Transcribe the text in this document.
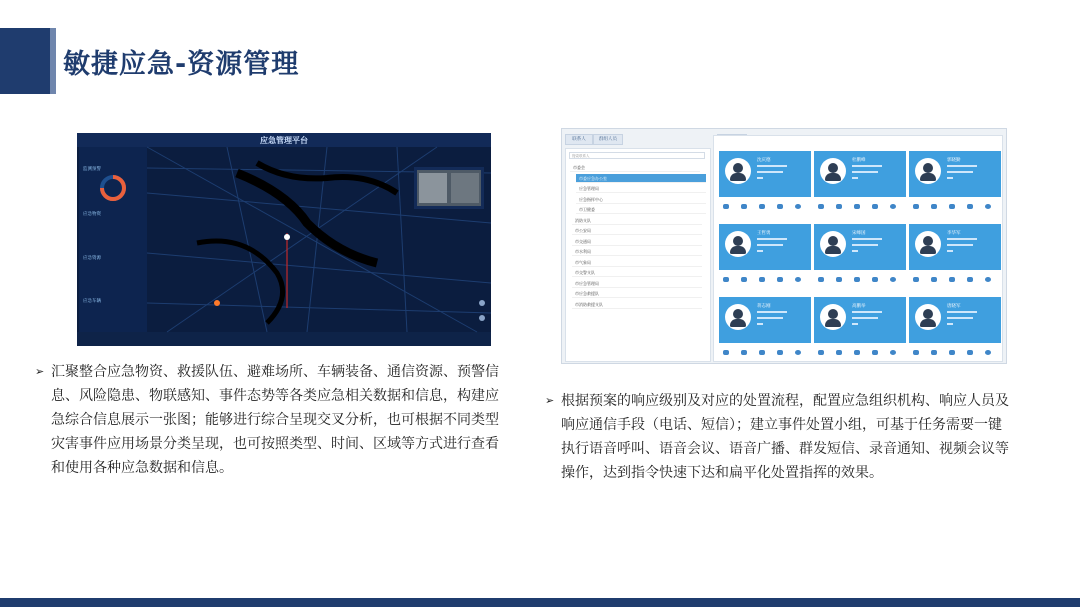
敏捷应急-资源管理
应急管理平台
监测预警
应急物资
应急资源
应急车辆
联系人	群组人员
搜索联系人
市委会
市委应急办公室
应急管理局
应急指挥中心
市卫健委
消防支队
市公安局
市交通局
市水利局
市气象局
市交警支队
市应急管理局
市应急救援队
市消防救援支队
沈庆德	杜鹏峰	郭晓勤
王哲勇	宋峰国	李华军
蒋志刚	高鹏举	唐晓军
➢ 汇聚整合应急物资、救援队伍、避难场所、车辆装备、通信资源、预警信
息、风险隐患、物联感知、事件态势等各类应急相关数据和信息，构建应
急综合信息展示一张图；能够进行综合呈现交叉分析，也可根据不同类型
灾害事件应用场景分类呈现，也可按照类型、时间、区域等方式进行查看
和使用各种应急数据和信息。
➢ 根据预案的响应级别及对应的处置流程，配置应急组织机构、响应人员及
响应通信手段（电话、短信）；建立事件处置小组，可基于任务需要一键
执行语音呼叫、语音会议、语音广播、群发短信、录音通知、视频会议等
操作，达到指令快速下达和扁平化处置指挥的效果。
